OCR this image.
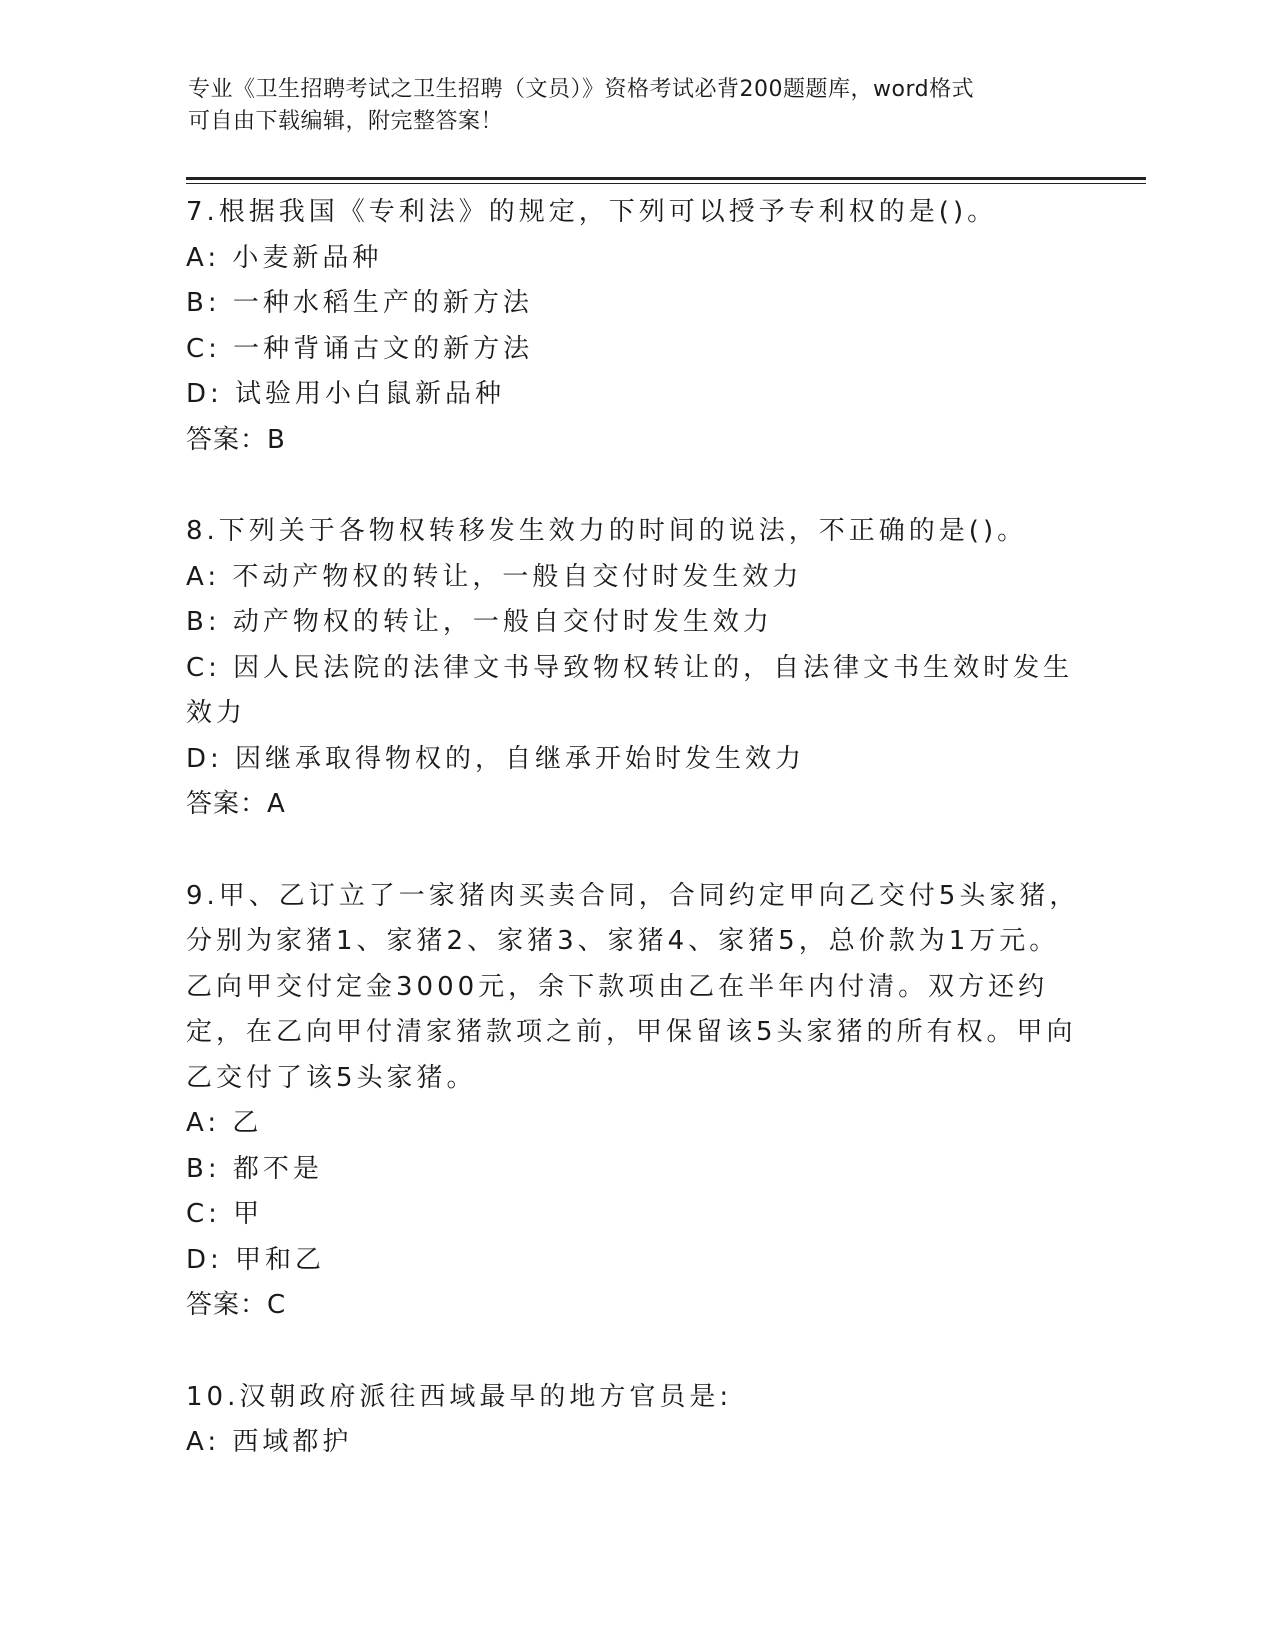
专业《卫生招聘考试之卫生招聘（文员）》资格考试必背200题题库，word格式
可自由下载编辑，附完整答案！
7.根据我国《专利法》的规定，下列可以授予专利权的是()。
A: 小麦新品种
B: 一种水稻生产的新方法
C: 一种背诵古文的新方法
D: 试验用小白鼠新品种
答案：B
8.下列关于各物权转移发生效力的时间的说法，不正确的是()。
A: 不动产物权的转让，一般自交付时发生效力
B: 动产物权的转让，一般自交付时发生效力
C: 因人民法院的法律文书导致物权转让的，自法律文书生效时发生效力
D: 因继承取得物权的，自继承开始时发生效力
答案：A
9.甲、乙订立了一家猪肉买卖合同，合同约定甲向乙交付5头家猪，分别为家猪1、家猪2、家猪3、家猪4、家猪5，总价款为1万元。乙向甲交付定金3000元，余下款项由乙在半年内付清。双方还约定，在乙向甲付清家猪款项之前，甲保留该5头家猪的所有权。甲向乙交付了该5头家猪。
A: 乙
B: 都不是
C: 甲
D: 甲和乙
答案：C
10.汉朝政府派往西域最早的地方官员是:
A: 西域都护
